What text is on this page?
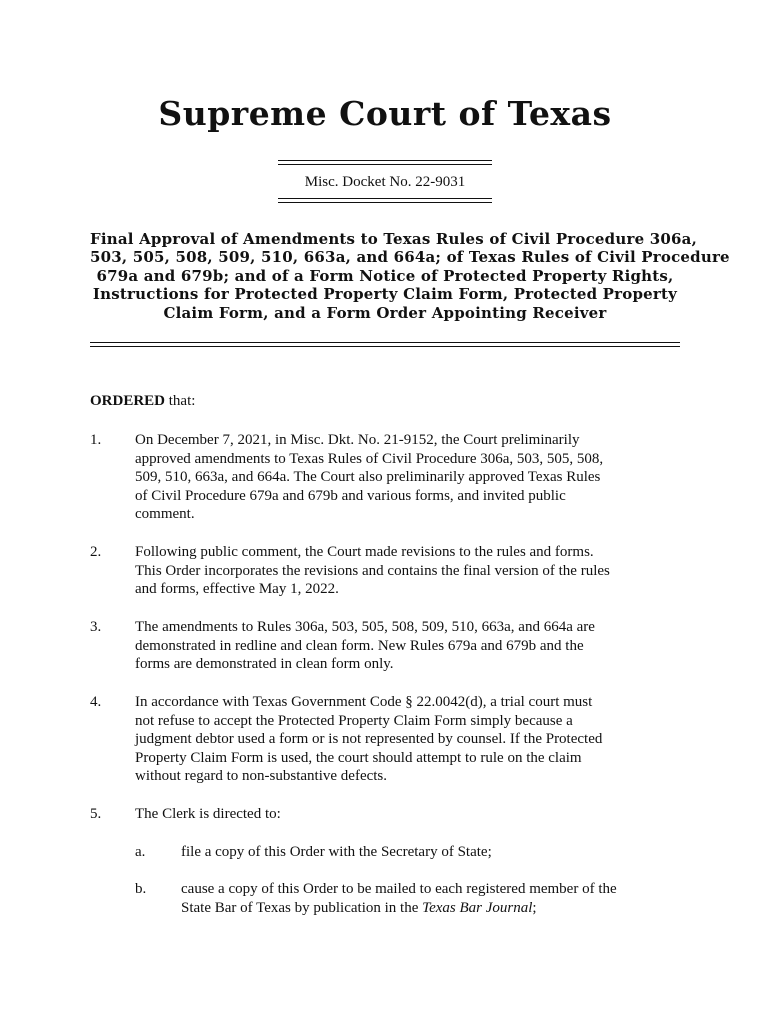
Supreme Court of Texas
Misc. Docket No. 22-9031
Final Approval of Amendments to Texas Rules of Civil Procedure 306a,
503, 505, 508, 509, 510, 663a, and 664a; of Texas Rules of Civil Procedure
679a and 679b; and of a Form Notice of Protected Property Rights,
Instructions for Protected Property Claim Form, Protected Property
Claim Form, and a Form Order Appointing Receiver
ORDERED that:
1. On December 7, 2021, in Misc. Dkt. No. 21-9152, the Court preliminarily
approved amendments to Texas Rules of Civil Procedure 306a, 503, 505, 508,
509, 510, 663a, and 664a. The Court also preliminarily approved Texas Rules
of Civil Procedure 679a and 679b and various forms, and invited public
comment.
2. Following public comment, the Court made revisions to the rules and forms.
This Order incorporates the revisions and contains the final version of the rules
and forms, effective May 1, 2022.
3. The amendments to Rules 306a, 503, 505, 508, 509, 510, 663a, and 664a are
demonstrated in redline and clean form. New Rules 679a and 679b and the
forms are demonstrated in clean form only.
4. In accordance with Texas Government Code § 22.0042(d), a trial court must
not refuse to accept the Protected Property Claim Form simply because a
judgment debtor used a form or is not represented by counsel. If the Protected
Property Claim Form is used, the court should attempt to rule on the claim
without regard to non-substantive defects.
5. The Clerk is directed to:
a. file a copy of this Order with the Secretary of State;
b. cause a copy of this Order to be mailed to each registered member of the
State Bar of Texas by publication in the Texas Bar Journal;
